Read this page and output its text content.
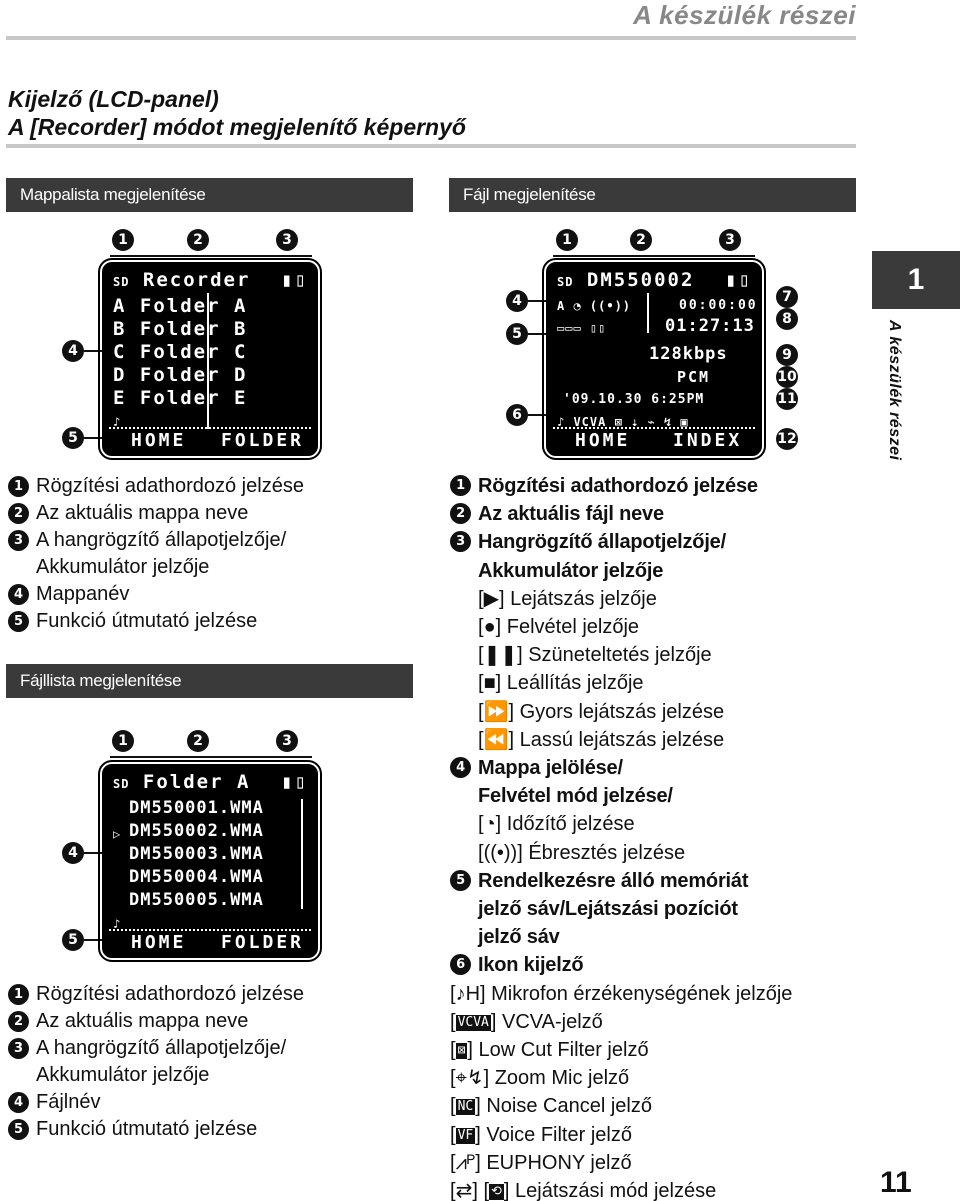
A készülék részei
Kijelző (LCD-panel)
A [Recorder] módot megjelenítő képernyő
Mappalista megjelenítése	Fájl megjelenítése
Fájllista megjelenítése
1	2	3
4
5
SD Recorder ▮▯
A Folder A
B Folder B
C Folder C
D Folder D
E Folder E
♪
HOME FOLDER
1 Rögzítési adathordozó jelzése
2 Az aktuális mappa neve
3 A hangrögzítő állapotjelzője/
Akkumulátor jelzője
4 Mappanév
5 Funkció útmutató jelzése
1	2	3
4
5
SD Folder A ▮▯
DM550001.WMA
▷ DM550002.WMA
DM550003.WMA
DM550004.WMA
DM550005.WMA
♪
HOME FOLDER
1 Rögzítési adathordozó jelzése
2 Az aktuális mappa neve
3 A hangrögzítő állapotjelzője/
Akkumulátor jelzője
4 Fájlnév
5 Funkció útmutató jelzése
1	2	3
4
5
6
7
8
9
10
11
12
SD DM550002 ▮▯
A ◔ ((•))
▭▭▭ ▯▯
00:00:00
01:27:13
128kbps
PCM
'09.10.30 6:25PM
♪ VCVA ⊠ ⇣ ⌁ ↯ ▣
HOME INDEX
1 Rögzítési adathordozó jelzése
2 Az aktuális fájl neve
3 Hangrögzítő állapotjelzője/
Akkumulátor jelzője
[▶] Lejátszás jelzője
[●] Felvétel jelzője
[❚❚] Szüneteltetés jelzője
[■] Leállítás jelzője
[⏩] Gyors lejátszás jelzése
[⏪] Lassú lejátszás jelzése
4 Mappa jelölése/
Felvétel mód jelzése/
[◔] Időzítő jelzése
[((•))] Ébresztés jelzése
5 Rendelkezésre álló memóriát
jelző sáv/Lejátszási pozíciót
jelző sáv
6 Ikon kijelző
[♪H] Mikrofon érzékenységének jelzője
[ VCVA ] VCVA-jelző
[ ⊠ ] Low Cut Filter jelző
[⌖↯] Zoom Mic jelző
[ NC ] Noise Cancel jelző
[ VF ] Voice Filter jelző
[⩘ᴾ] EUPHONY jelző
[⇄] [ ⟲ ] Lejátszási mód jelzése
1
A készülék részei
11
